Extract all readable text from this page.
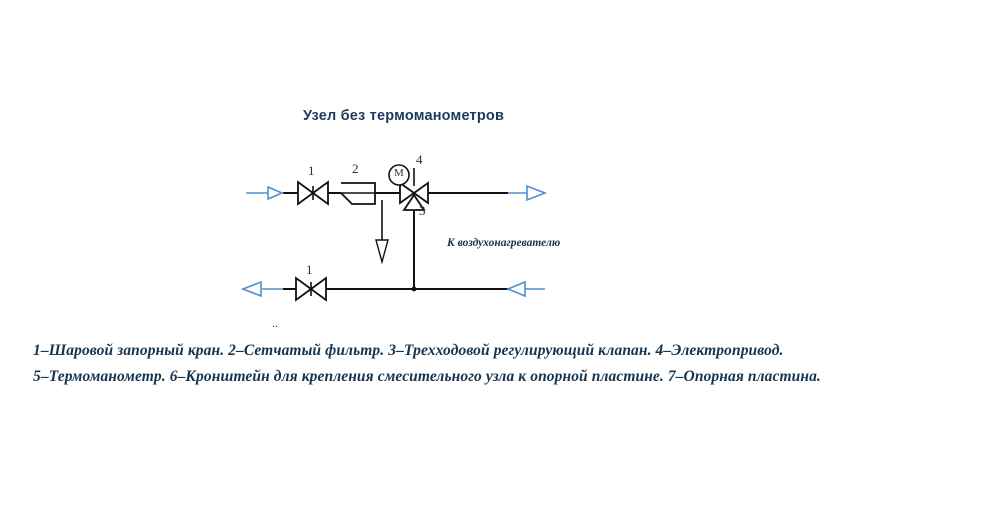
Узел без термоманометров
M
1	2
3
4
1
К воздухонагревателю
..
1–Шаровой запорный кран. 2–Сетчатый фильтр. 3–Трехходовой регулирующий клапан. 4–Электропривод.
5–Термоманометр. 6–Кронштейн для крепления смесительного узла к опорной пластине. 7–Опорная пластина.
